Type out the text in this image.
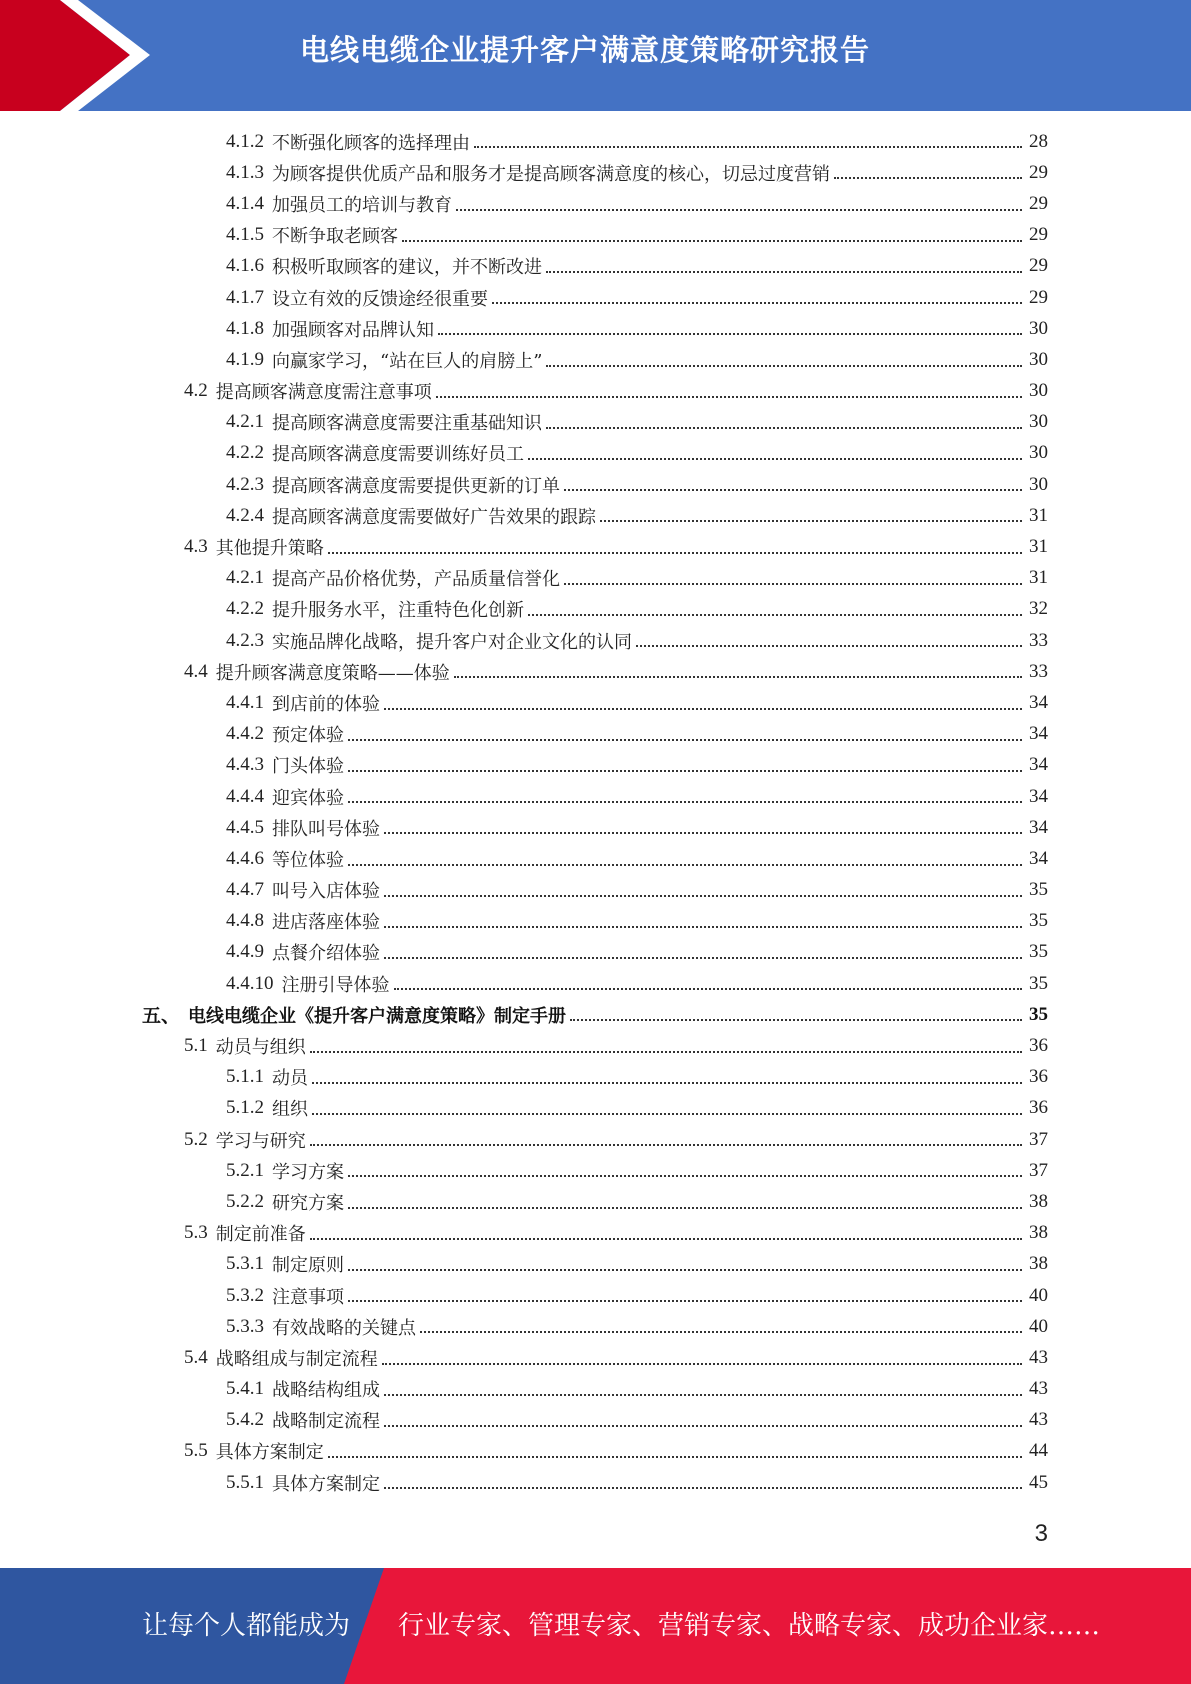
电线电缆企业提升客户满意度策略研究报告
4.1.2 不断强化顾客的选择理由	28
4.1.3 为顾客提供优质产品和服务才是提高顾客满意度的核心，切忌过度营销	29
4.1.4 加强员工的培训与教育	29
4.1.5 不断争取老顾客	29
4.1.6 积极听取顾客的建议，并不断改进	29
4.1.7 设立有效的反馈途经很重要	29
4.1.8 加强顾客对品牌认知	30
4.1.9 向赢家学习，“站在巨人的肩膀上”	30
4.2 提高顾客满意度需注意事项	30
4.2.1 提高顾客满意度需要注重基础知识	30
4.2.2 提高顾客满意度需要训练好员工	30
4.2.3 提高顾客满意度需要提供更新的订单	30
4.2.4 提高顾客满意度需要做好广告效果的跟踪	31
4.3 其他提升策略	31
4.2.1 提高产品价格优势，产品质量信誉化	31
4.2.2 提升服务水平，注重特色化创新	32
4.2.3 实施品牌化战略，提升客户对企业文化的认同	33
4.4 提升顾客满意度策略——体验	33
4.4.1 到店前的体验	34
4.4.2 预定体验	34
4.4.3 门头体验	34
4.4.4 迎宾体验	34
4.4.5 排队叫号体验	34
4.4.6 等位体验	34
4.4.7 叫号入店体验	35
4.4.8 进店落座体验	35
4.4.9 点餐介绍体验	35
4.4.10 注册引导体验	35
五、 电线电缆企业《提升客户满意度策略》制定手册	35
5.1 动员与组织	36
5.1.1 动员	36
5.1.2 组织	36
5.2 学习与研究	37
5.2.1 学习方案	37
5.2.2 研究方案	38
5.3 制定前准备	38
5.3.1 制定原则	38
5.3.2 注意事项	40
5.3.3 有效战略的关键点	40
5.4 战略组成与制定流程	43
5.4.1 战略结构组成	43
5.4.2 战略制定流程	43
5.5 具体方案制定	44
5.5.1 具体方案制定	45
3
让每个人都能成为 行业专家、管理专家、营销专家、战略专家、成功企业家……
